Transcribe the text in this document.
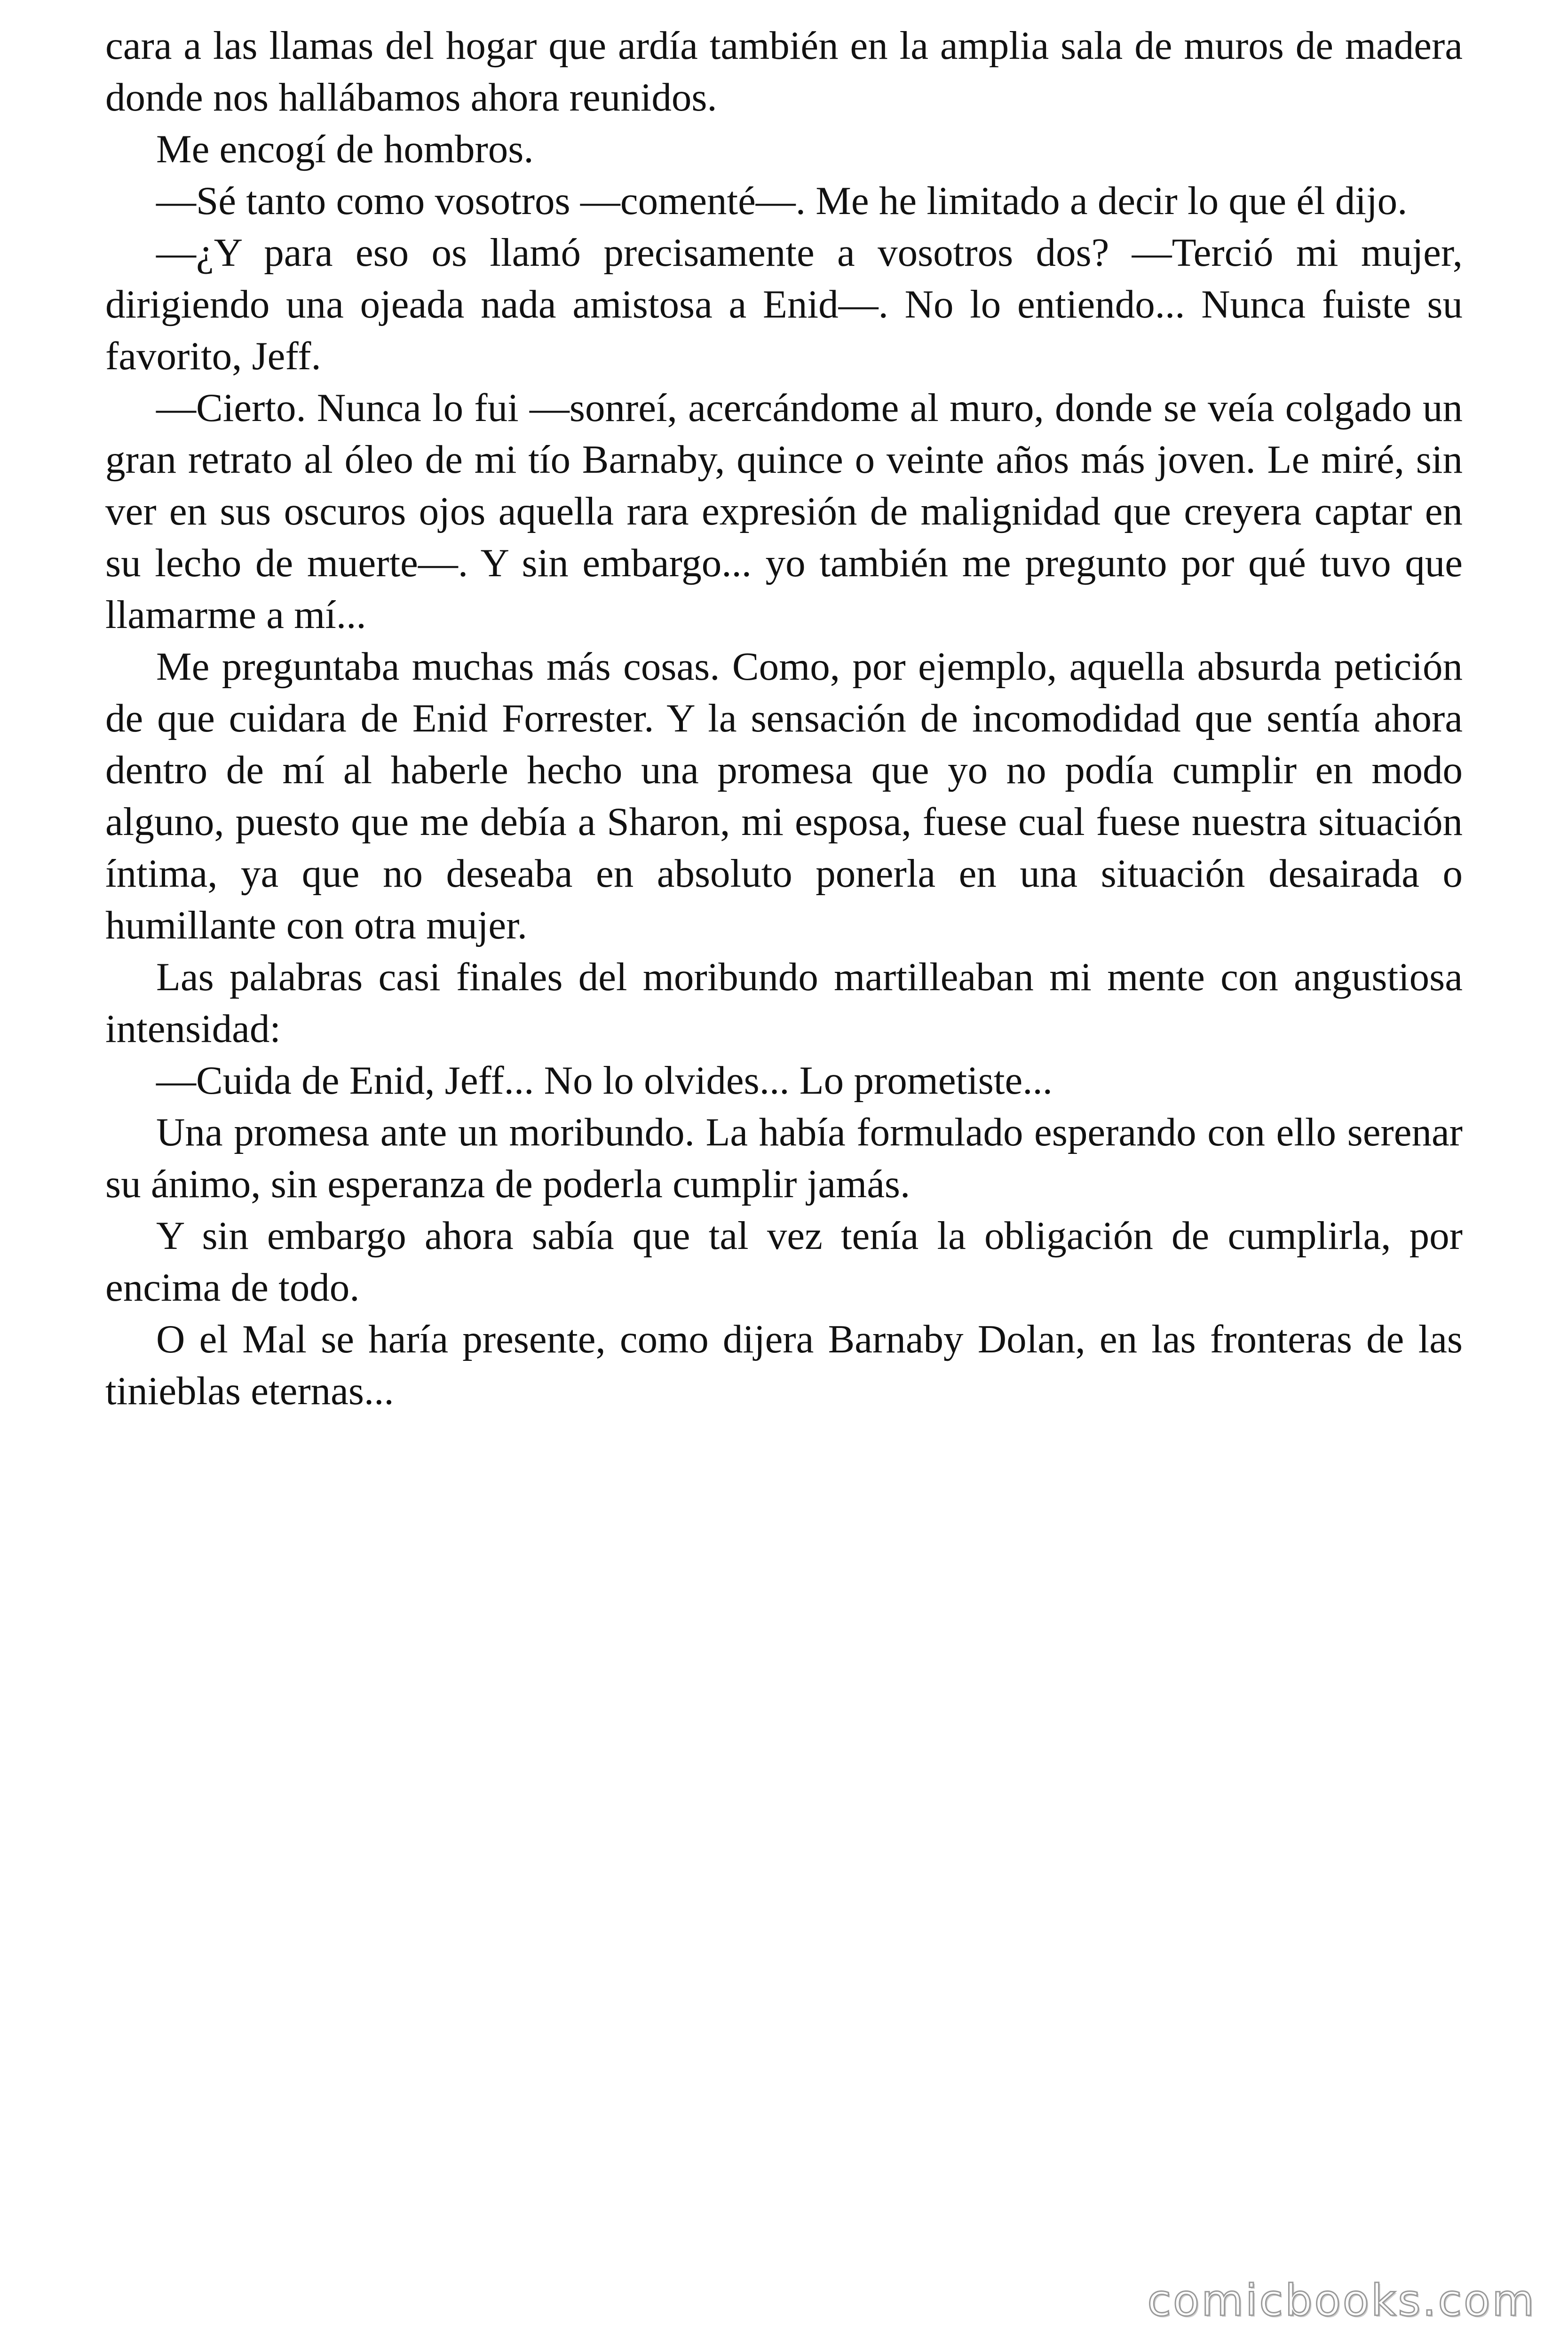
cara a las llamas del hogar que ardía también en la amplia sala de muros de madera donde nos hallábamos ahora reunidos.

Me encogí de hombros.

—Sé tanto como vosotros —comenté—. Me he limitado a decir lo que él dijo.

—¿Y para eso os llamó precisamente a vosotros dos? —Terció mi mujer, dirigiendo una ojeada nada amistosa a Enid—. No lo entiendo... Nunca fuiste su favorito, Jeff.

—Cierto. Nunca lo fui —sonreí, acercándome al muro, donde se veía colgado un gran retrato al óleo de mi tío Barnaby, quince o veinte años más joven. Le miré, sin ver en sus oscuros ojos aquella rara expresión de malignidad que creyera captar en su lecho de muerte—. Y sin embargo... yo también me pregunto por qué tuvo que llamarme a mí...

Me preguntaba muchas más cosas. Como, por ejemplo, aquella absurda petición de que cuidara de Enid Forrester. Y la sensación de incomodidad que sentía ahora dentro de mí al haberle hecho una promesa que yo no podía cumplir en modo alguno, puesto que me debía a Sharon, mi esposa, fuese cual fuese nuestra situación íntima, ya que no deseaba en absoluto ponerla en una situación desairada o humillante con otra mujer.

Las palabras casi finales del moribundo martilleaban mi mente con angustiosa intensidad:

—Cuida de Enid, Jeff... No lo olvides... Lo prometiste...

Una promesa ante un moribundo. La había formulado esperando con ello serenar su ánimo, sin esperanza de poderla cumplir jamás.

Y sin embargo ahora sabía que tal vez tenía la obligación de cumplirla, por encima de todo.

O el Mal se haría presente, como dijera Barnaby Dolan, en las fronteras de las tinieblas eternas...

comicbooks.com
